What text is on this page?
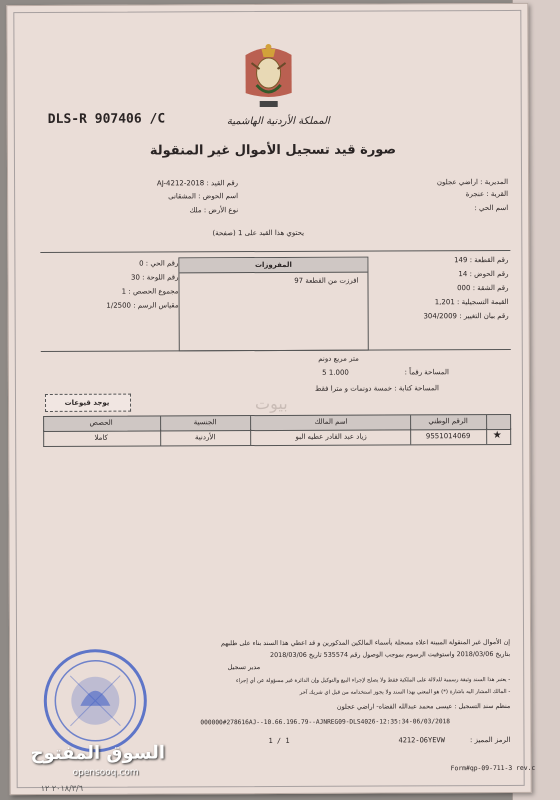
DLS-R 907406 /C	المملكة الأردنية الهاشمية
صورة قيد تسجيل الأموال غير المنقولة
المديرية : اراضي عجلون
القرية : عنجرة
اسم الحي :
رقم القيد : 2018-AJ-4212
اسم الحوض : المشقانى
نوع الأرض : ملك
يحتوي هذا القيد على 1 (صفحة)
رقم القطعة : 149
رقم الحوض : 14
رقم الشقة : 000
القيمة التسجيلية : 1,201
رقم بيان التغيير : 304/2009
رقم الحي : 0
رقم اللوحة : 30
مجموع الحصص : 1
مقياس الرسم : 1/2500
المفروزات
افرزت من القطعة 97
متر مربع دونم
المساحة رقماً :
1.000 5
المساحة كتابة : خمسة دونمات و مترا فقط
يوجد قيوعات	بيوت
الحصص	الجنسية	اسم المالك	الرقم الوطني
كاملا	الأردنية	زياد عبد القادر عطيه البو	9551014069	★
إن الأموال غير المنقولة المبينة اعلاه مسجلة بأسماء المالكين المذكورين و قد اعطي هذا السند بناء على طلبهم
بتاريخ 2018/03/06 واستوفيت الرسوم بموجب الوصول رقم 535574 تاريخ 2018/03/06
مدير تسجيل
- يعتبر هذا السند وثيقة رسمية للدلالة على الملكية فقط ولا يصلح لإجراء البيع والتوكيل وإن الدائرة غير مسؤولة عن أي إجراء
- المالك المشار اليه باشارة (*) هو المعني بهذا السند ولا يجوز استخدامه من قبل اي شريك آخر
منظم سند التسجيل : عيسى محمد عبدالله القضاه- اراضي عجلون
000000#278616AJ--10.66.196.79--AJNREG09-DLS4026-12:35:34-06/03/2018
1 / 1	الرمز المميز :
4212-O6YEVW
Form#qp-09-711-3 rev.c
السوق المفتوح
opensooq.com
٢٠١٨/٣/٦ ١٢
